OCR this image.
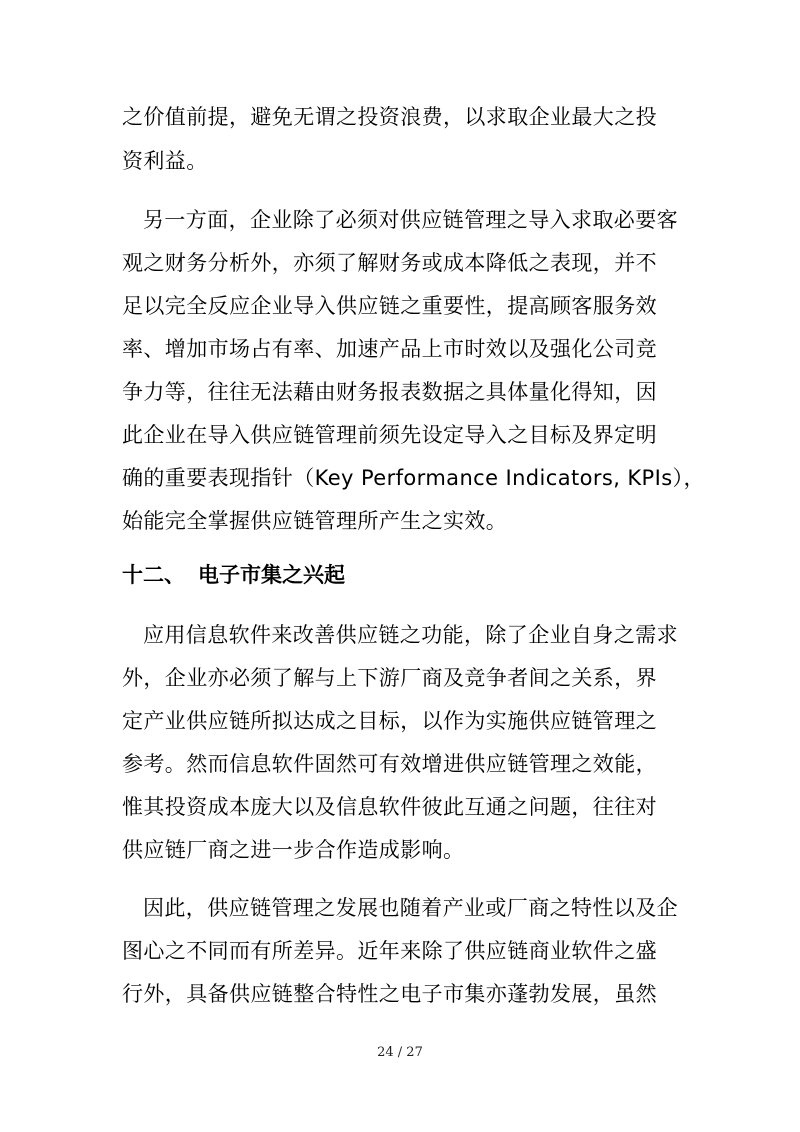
之价值前提，避免无谓之投资浪费，以求取企业最大之投
资利益。
另一方面，企业除了必须对供应链管理之导入求取必要客
观之财务分析外，亦须了解财务或成本降低之表现，并不
足以完全反应企业导入供应链之重要性，提高顾客服务效
率、增加市场占有率、加速产品上市时效以及强化公司竞
争力等，往往无法藉由财务报表数据之具体量化得知，因
此企业在导入供应链管理前须先设定导入之目标及界定明
确的重要表现指针（Key Performance Indicators, KPIs），
始能完全掌握供应链管理所产生之实效。
十二、 电子市集之兴起
应用信息软件来改善供应链之功能，除了企业自身之需求
外，企业亦必须了解与上下游厂商及竞争者间之关系，界
定产业供应链所拟达成之目标，以作为实施供应链管理之
参考。然而信息软件固然可有效增进供应链管理之效能，
惟其投资成本庞大以及信息软件彼此互通之问题，往往对
供应链厂商之进一步合作造成影响。
因此，供应链管理之发展也随着产业或厂商之特性以及企
图心之不同而有所差异。近年来除了供应链商业软件之盛
行外，具备供应链整合特性之电子市集亦蓬勃发展，虽然
24 / 27
